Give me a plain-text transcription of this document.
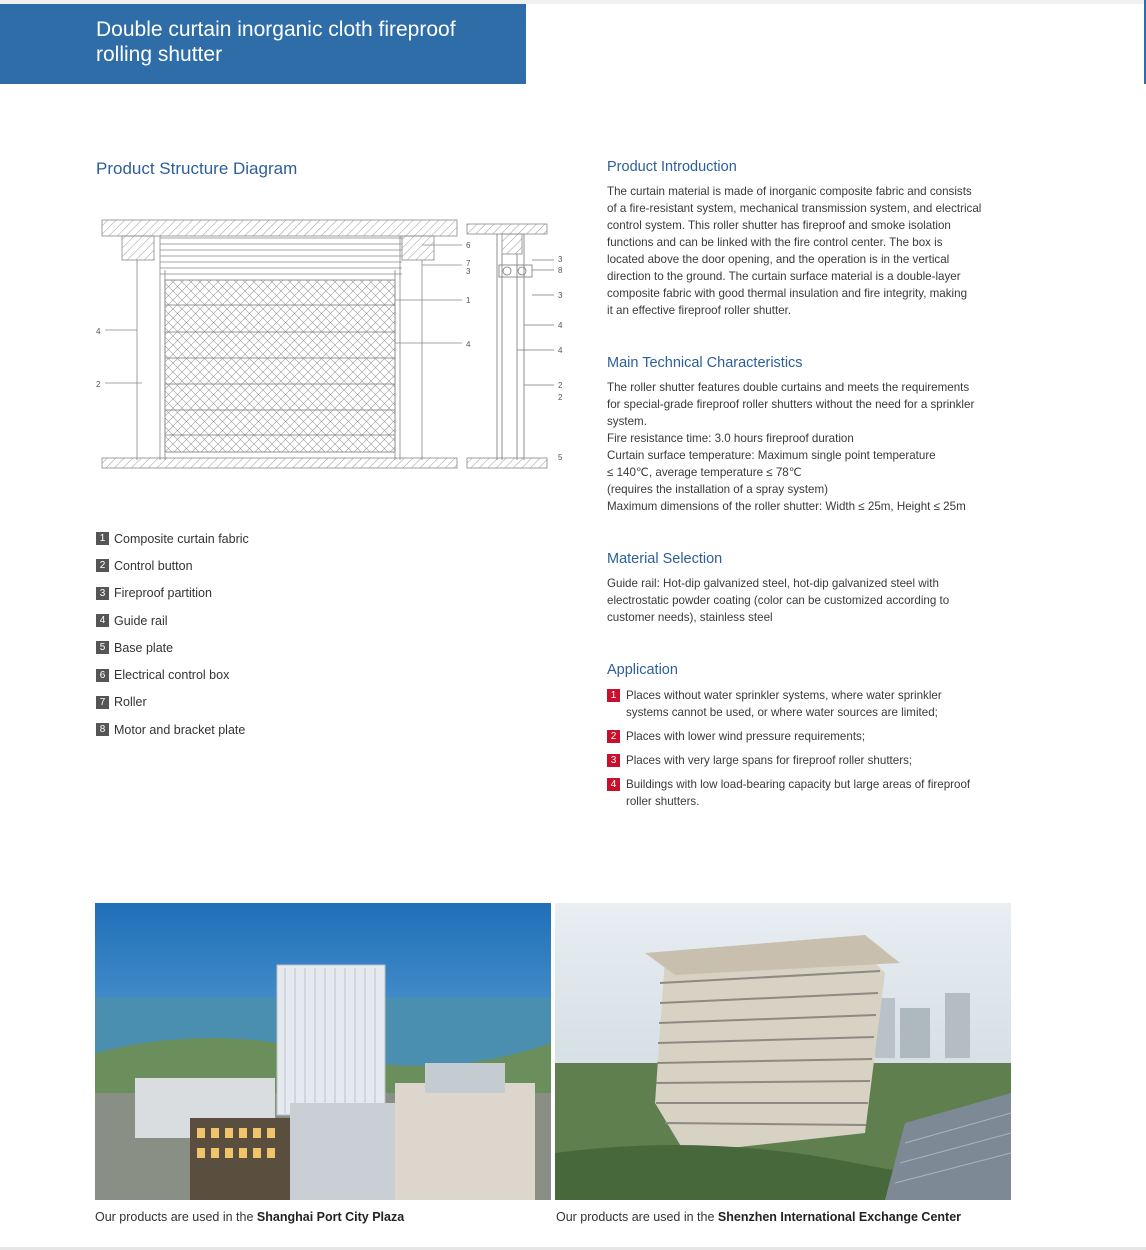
Double curtain inorganic cloth fireproof
rolling shutter
Product Structure Diagram
4
2
6
7
3
1
4
3
8
3
4
4
2
2
5
1 Composite curtain fabric
2 Control button
3 Fireproof partition
4 Guide rail
5 Base plate
6 Electrical control box
7 Roller
8 Motor and bracket plate
Product Introduction

The curtain material is made of inorganic composite fabric and consists
of a fire-resistant system, mechanical transmission system, and electrical
control system. This roller shutter has fireproof and smoke isolation
functions and can be linked with the fire control center. The box is
located above the door opening, and the operation is in the vertical
direction to the ground. The curtain surface material is a double-layer
composite fabric with good thermal insulation and fire integrity, making
it an effective fireproof roller shutter.

Main Technical Characteristics

The roller shutter features double curtains and meets the requirements
for special-grade fireproof roller shutters without the need for a sprinkler
system.
Fire resistance time: 3.0 hours fireproof duration
Curtain surface temperature: Maximum single point temperature
≤ 140℃, average temperature ≤ 78℃
(requires the installation of a spray system)
Maximum dimensions of the roller shutter: Width ≤ 25m, Height ≤ 25m

Material Selection

Guide rail: Hot-dip galvanized steel, hot-dip galvanized steel with
electrostatic powder coating (color can be customized according to
customer needs), stainless steel

Application
1 Places without water sprinkler systems, where water sprinkler
systems cannot be used, or where water sources are limited;
2 Places with lower wind pressure requirements;
3 Places with very large spans for fireproof roller shutters;
4 Buildings with low load-bearing capacity but large areas of fireproof
roller shutters.
Our products are used in the Shanghai Port City Plaza	Our products are used in the Shenzhen International Exchange Center
